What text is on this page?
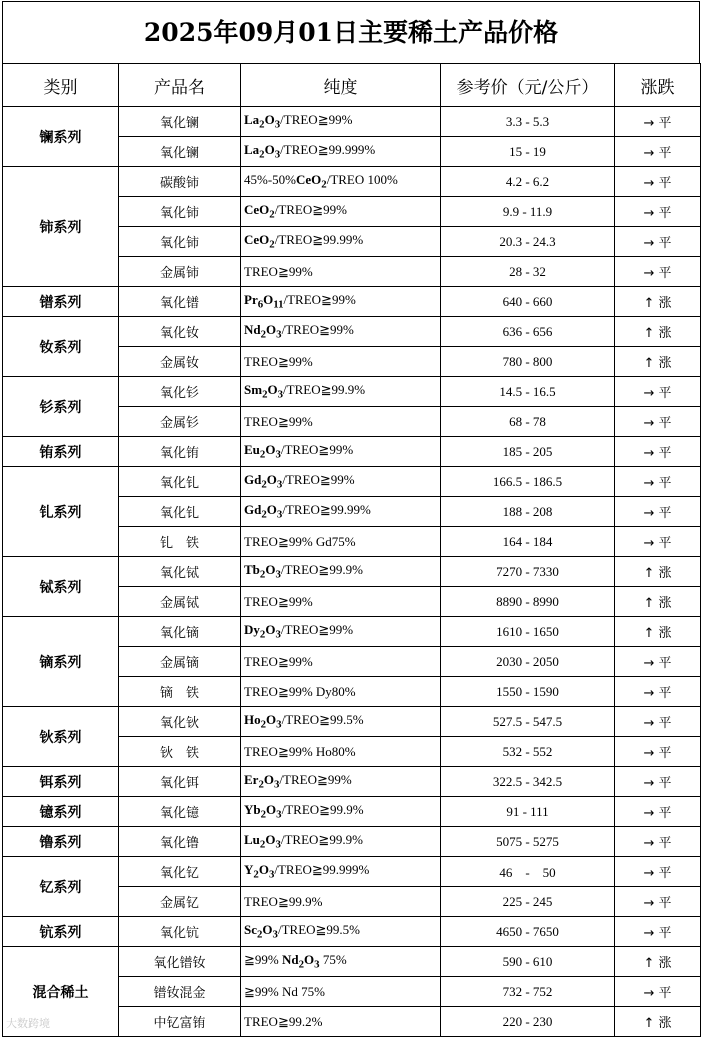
2025年09月01日主要稀土产品价格
类别	产品名	纯度	参考价（元/公斤）	涨跌
镧系列	氧化镧	$La_2O_3/TREO≧99\%$	3.3 - 5.3	→ 平
	氧化镧	$La_2O_3/TREO≧99.999\%$	15 - 19	→ 平
铈系列	碳酸铈	45%-50%CeO$_2$/TREO 100%	4.2 - 6.2	→ 平
	氧化铈	CeO$_2$/TREO≧99%	9.9 - 11.9	→ 平
	氧化铈	CeO$_2$/TREO≧99.99%	20.3 - 24.3	→ 平
	金属铈	TREO≧99%	28 - 32	→ 平
镨系列	氧化镨	$Pr_6O_{11}/TREO≧99\%$	640 - 660	↑ 涨
钕系列	氧化钕	$Nd_2O_3/TREO≧99\%$	636 - 656	↑ 涨
	金属钕	TREO≧99%	780 - 800	↑ 涨
钐系列	氧化钐	$Sm_2O_3/TREO≧99.9\%$	14.5 - 16.5	→ 平
	金属钐	TREO≧99%	68 - 78	→ 平
铕系列	氧化铕	$Eu_2O_3/TREO≧99\%$	185 - 205	→ 平
钆系列	氧化钆	$Gd_2O_3/TREO≧99\%$	166.5 - 186.5	→ 平
	氧化钆	$Gd_2O_3/TREO≧99.99\%$	188 - 208	→ 平
	钆　铁	TREO≧99% Gd75%	164 - 184	→ 平
铽系列	氧化铽	$Tb_2O_3/TREO≧99.9\%$	7270 - 7330	↑ 涨
	金属铽	TREO≧99%	8890 - 8990	↑ 涨
镝系列	氧化镝	$Dy_2O_3/TREO≧99\%$	1610 - 1650	↑ 涨
	金属镝	TREO≧99%	2030 - 2050	→ 平
	镝　铁	TREO≧99% Dy80%	1550 - 1590	→ 平
钬系列	氧化钬	$Ho_2O_3/TREO≧99.5\%$	527.5 - 547.5	→ 平
	钬　铁	TREO≧99% Ho80%	532 - 552	→ 平
铒系列	氧化铒	$Er_2O_3/TREO≧99\%$	322.5 - 342.5	→ 平
镱系列	氧化镱	$Yb_2O_3/TREO≧99.9\%$	91 - 111	→ 平
镥系列	氧化镥	$Lu_2O_3/TREO≧99.9\%$	5075 - 5275	→ 平
钇系列	氧化钇	$Y_2O_3/TREO≧99.999\%$	46　-　50	→ 平
	金属钇	TREO≧99.9%	225 - 245	→ 平
钪系列	氧化钪	$Sc_2O_3/TREO≧99.5\%$	4650 - 7650	→ 平
混合稀土	氧化镨钕	≧99% $Nd_2O_3$ 75%	590 - 610	↑ 涨
	镨钕混金	≧99% Nd 75%	732 - 752	→ 平
	中钇富铕	TREO≧99.2%	220 - 230	↑ 涨
大数跨境
